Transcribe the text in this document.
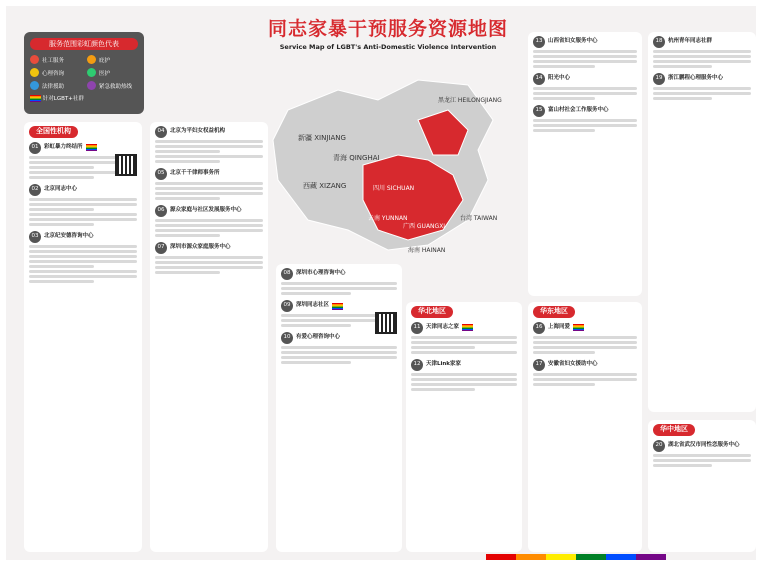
同志家暴干预服务资源地图
Service Map of LGBT's Anti-Domestic Violence Intervention
服务范围彩虹颜色代表
社工服务	庇护
心理咨询	医护
法律援助	紧急救助热线

针对LGBT+社群
新疆 XINJIANG
青海 QINGHAI
西藏 XIZANG	四川 SICHUAN
云南 YUNNAN
广西 GUANGXI
海南 HAINAN
台湾 TAIWAN
黑龙江 HEILONGJIANG
全国性机构
01	彩虹暴力终结所
02	北京同志中心
03	北京纪安德咨询中心
04	北京为平妇女权益机构
05	北京千千律师事务所
06	源众家庭与社区发展服务中心
07	深圳市源众家庭服务中心
08	深圳市心理咨询中心
09	深圳同志社区
10	有爱心理咨询中心
华北地区
11	天津同志之家
12	天津Link家家
13	山西省妇女服务中心
14	阳光中心
15	富山村社会工作服务中心
华东地区
16	上海同爱
17	安徽省妇女援助中心
18	杭州青年同志社群
19	浙江鹏程心理服务中心
华中地区
20	湖北省武汉市同性恋服务中心
